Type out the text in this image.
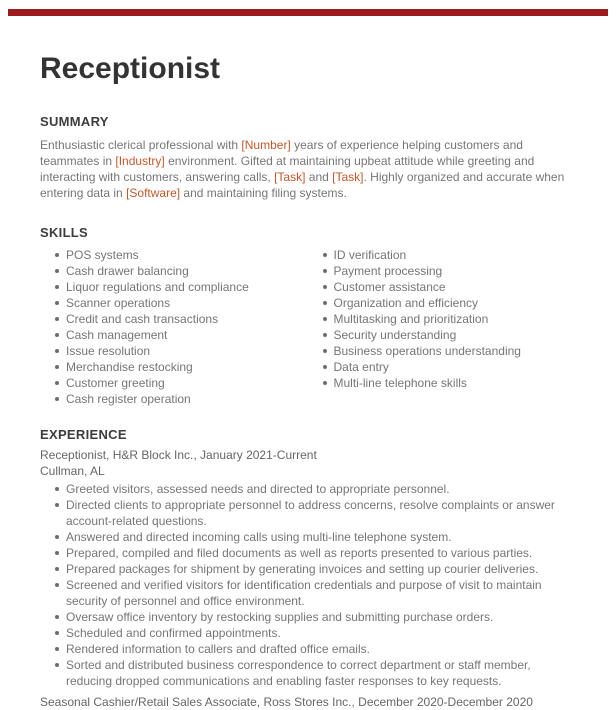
Receptionist
SUMMARY

Enthusiastic clerical professional with [Number] years of experience helping customers and teammates in [Industry] environment. Gifted at maintaining upbeat attitude while greeting and interacting with customers, answering calls, [Task] and [Task]. Highly organized and accurate when entering data in [Software] and maintaining filing systems.

SKILLS
POS systems
Cash drawer balancing
Liquor regulations and compliance
Scanner operations
Credit and cash transactions
Cash management
Issue resolution
Merchandise restocking
Customer greeting
Cash register operation
ID verification
Payment processing
Customer assistance
Organization and efficiency
Multitasking and prioritization
Security understanding
Business operations understanding
Data entry
Multi-line telephone skills
EXPERIENCE

Receptionist, H&R Block Inc., January 2021-Current

Cullman, AL

Greeted visitors, assessed needs and directed to appropriate personnel.
Directed clients to appropriate personnel to address concerns, resolve complaints or answer account-related questions.
Answered and directed incoming calls using multi-line telephone system.
Prepared, compiled and filed documents as well as reports presented to various parties.
Prepared packages for shipment by generating invoices and setting up courier deliveries.
Screened and verified visitors for identification credentials and purpose of visit to maintain security of personnel and office environment.
Oversaw office inventory by restocking supplies and submitting purchase orders.
Scheduled and confirmed appointments.
Rendered information to callers and drafted office emails.
Sorted and distributed business correspondence to correct department or staff member, reducing dropped communications and enabling faster responses to key requests.

Seasonal Cashier/Retail Sales Associate, Ross Stores Inc., December 2020-December 2020
